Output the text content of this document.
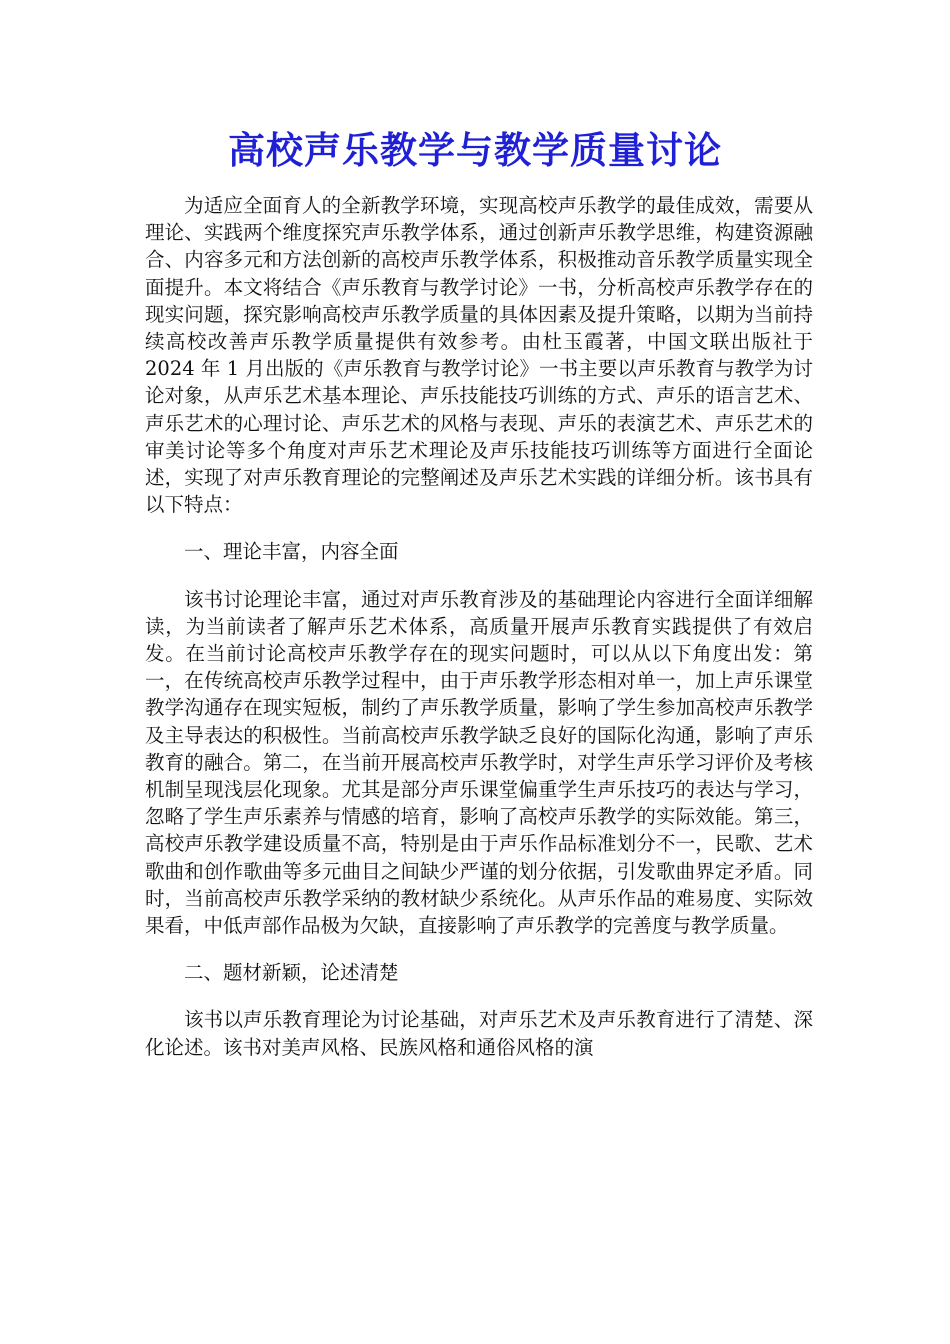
高校声乐教学与教学质量讨论

为适应全面育人的全新教学环境，实现高校声乐教学的最佳成效，需要从理论、实践两个维度探究声乐教学体系，通过创新声乐教学思维，构建资源融合、内容多元和方法创新的高校声乐教学体系，积极推动音乐教学质量实现全面提升。本文将结合《声乐教育与教学讨论》一书，分析高校声乐教学存在的现实问题，探究影响高校声乐教学质量的具体因素及提升策略，以期为当前持续高校改善声乐教学质量提供有效参考。由杜玉霞著，中国文联出版社于 2024 年 1 月出版的《声乐教育与教学讨论》一书主要以声乐教育与教学为讨论对象，从声乐艺术基本理论、声乐技能技巧训练的方式、声乐的语言艺术、声乐艺术的心理讨论、声乐艺术的风格与表现、声乐的表演艺术、声乐艺术的审美讨论等多个角度对声乐艺术理论及声乐技能技巧训练等方面进行全面论述，实现了对声乐教育理论的完整阐述及声乐艺术实践的详细分析。该书具有以下特点：

一、理论丰富，内容全面

该书讨论理论丰富，通过对声乐教育涉及的基础理论内容进行全面详细解读，为当前读者了解声乐艺术体系，高质量开展声乐教育实践提供了有效启发。在当前讨论高校声乐教学存在的现实问题时，可以从以下角度出发：第一，在传统高校声乐教学过程中，由于声乐教学形态相对单一，加上声乐课堂教学沟通存在现实短板，制约了声乐教学质量，影响了学生参加高校声乐教学及主导表达的积极性。当前高校声乐教学缺乏良好的国际化沟通，影响了声乐教育的融合。第二，在当前开展高校声乐教学时，对学生声乐学习评价及考核机制呈现浅层化现象。尤其是部分声乐课堂偏重学生声乐技巧的表达与学习，忽略了学生声乐素养与情感的培育，影响了高校声乐教学的实际效能。第三，高校声乐教学建设质量不高，特别是由于声乐作品标准划分不一，民歌、艺术歌曲和创作歌曲等多元曲目之间缺少严谨的划分依据，引发歌曲界定矛盾。同时，当前高校声乐教学采纳的教材缺少系统化。从声乐作品的难易度、实际效果看，中低声部作品极为欠缺，直接影响了声乐教学的完善度与教学质量。

二、题材新颖，论述清楚

该书以声乐教育理论为讨论基础，对声乐艺术及声乐教育进行了清楚、深化论述。该书对美声风格、民族风格和通俗风格的演
